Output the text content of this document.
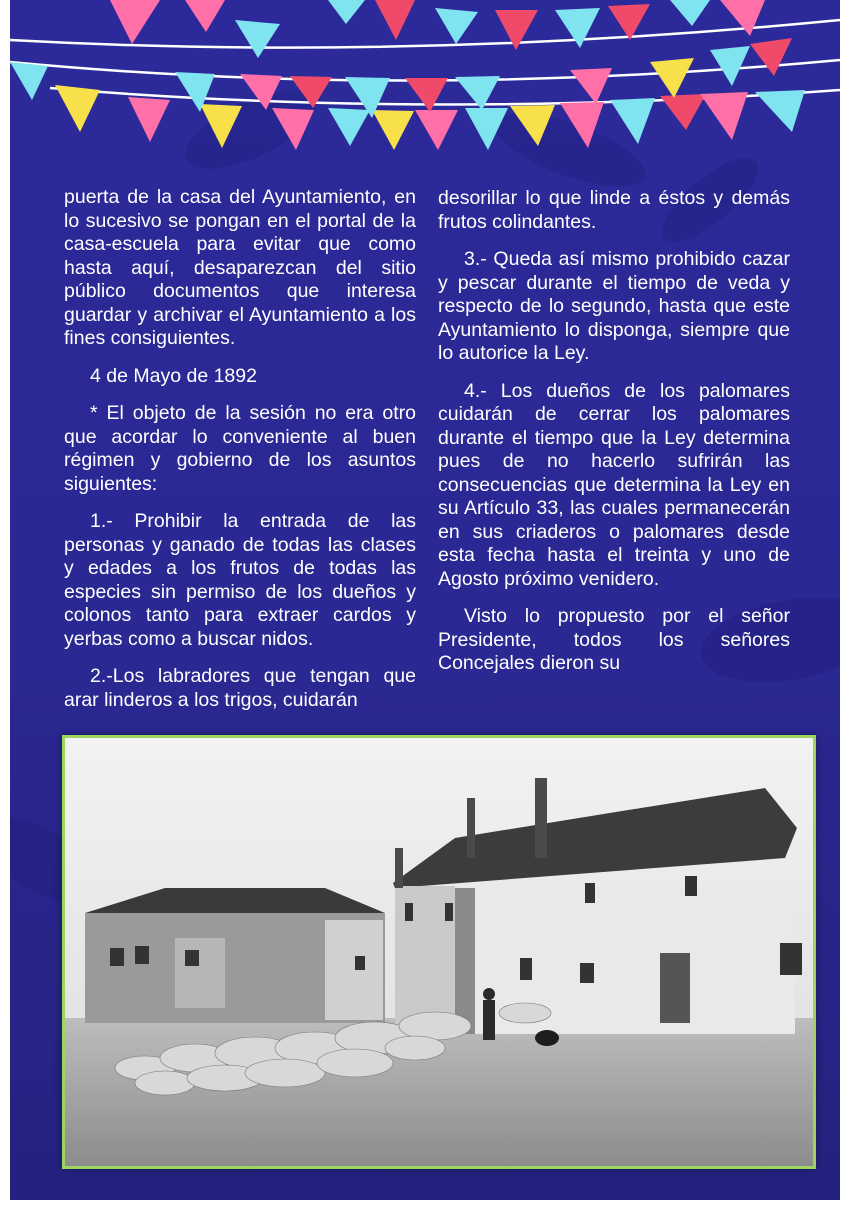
puerta de la casa del Ayuntamiento, en lo sucesivo se pongan en el portal de la casa-escuela para evitar que como hasta aquí, desaparezcan del sitio público documentos que interesa guardar y archivar el Ayuntamiento a los fines consiguientes.

4 de Mayo de 1892

* El objeto de la sesión no era otro que acordar lo conveniente al buen régimen y gobierno de los asuntos siguientes:

1.- Prohibir la entrada de las personas y ganado de todas las clases y edades a los frutos de todas las especies sin permiso de los dueños y colonos tanto para extraer cardos y yerbas como a buscar nidos.

2.-Los labradores que tengan que arar linderos a los trigos, cuidarán

desorillar lo que linde a éstos y demás frutos colindantes.

3.- Queda así mismo prohibido cazar y pescar durante el tiempo de veda y respecto de lo segundo, hasta que este Ayuntamiento lo disponga, siempre que lo autorice la Ley.

4.- Los dueños de los palomares cuidarán de cerrar los palomares durante el tiempo que la Ley determina pues de no hacerlo sufrirán las consecuencias que determina la Ley en su Artículo 33, las cuales permanecerán en sus criaderos o palomares desde esta fecha hasta el treinta y uno de Agosto próximo venidero.

Visto lo propuesto por el señor Presidente, todos los señores Concejales dieron su
